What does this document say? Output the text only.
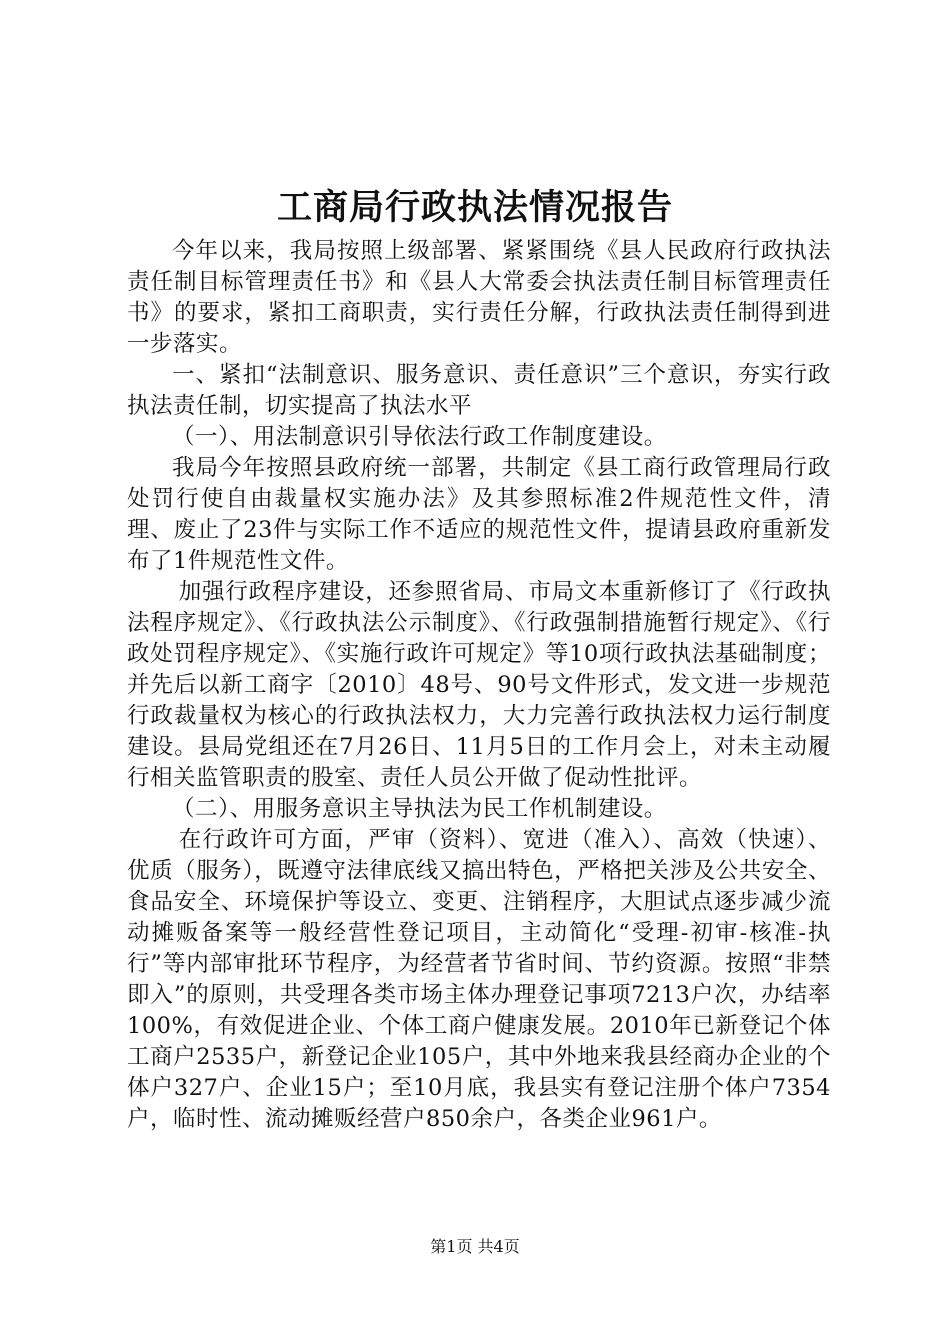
工商局行政执法情况报告

今年以来，我局按照上级部署、紧紧围绕《县人民政府行政执法责任制目标管理责任书》和《县人大常委会执法责任制目标管理责任书》的要求，紧扣工商职责，实行责任分解，行政执法责任制得到进一步落实。

一、紧扣“法制意识、服务意识、责任意识”三个意识，夯实行政执法责任制，切实提高了执法水平

（一）、用法制意识引导依法行政工作制度建设。

我局今年按照县政府统一部署，共制定《县工商行政管理局行政处罚行使自由裁量权实施办法》及其参照标准2件规范性文件，清理、废止了23件与实际工作不适应的规范性文件，提请县政府重新发布了1件规范性文件。

加强行政程序建设，还参照省局、市局文本重新修订了《行政执法程序规定》、《行政执法公示制度》、《行政强制措施暂行规定》、《行政处罚程序规定》、《实施行政许可规定》等10项行政执法基础制度；并先后以新工商字〔2010〕48号、90号文件形式，发文进一步规范行政裁量权为核心的行政执法权力，大力完善行政执法权力运行制度建设。县局党组还在7月26日、11月5日的工作月会上，对未主动履行相关监管职责的股室、责任人员公开做了促动性批评。

（二）、用服务意识主导执法为民工作机制建设。

在行政许可方面，严审（资料）、宽进（准入）、高效（快速）、优质（服务），既遵守法律底线又搞出特色，严格把关涉及公共安全、食品安全、环境保护等设立、变更、注销程序，大胆试点逐步减少流动摊贩备案等一般经营性登记项目，主动简化“受理-初审-核准-执行”等内部审批环节程序，为经营者节省时间、节约资源。按照“非禁即入”的原则，共受理各类市场主体办理登记事项7213户次，办结率100%，有效促进企业、个体工商户健康发展。2010年已新登记个体工商户2535户，新登记企业105户，其中外地来我县经商办企业的个体户327户、企业15户；至10月底，我县实有登记注册个体户7354户，临时性、流动摊贩经营户850余户，各类企业961户。

第1页 共4页
